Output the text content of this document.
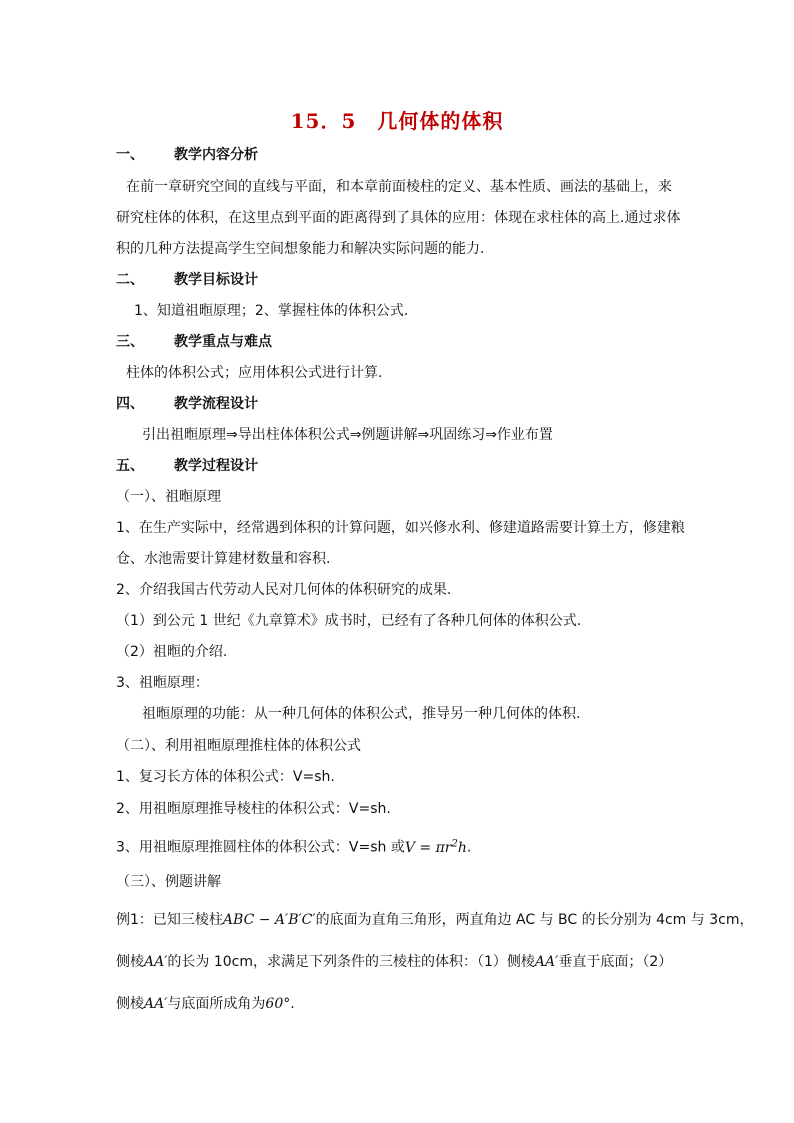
15．5　几何体的体积
一、 教学内容分析
在前一章研究空间的直线与平面，和本章前面棱柱的定义、基本性质、画法的基础上，来
研究柱体的体积，在这里点到平面的距离得到了具体的应用：体现在求柱体的高上.通过求体
积的几种方法提高学生空间想象能力和解决实际问题的能力.
二、 教学目标设计
1、知道祖暅原理；2、掌握柱体的体积公式.
三、 教学重点与难点
柱体的体积公式；应用体积公式进行计算.
四、 教学流程设计
引出祖暅原理⇒导出柱体体积公式⇒例题讲解⇒巩固练习⇒作业布置
五、 教学过程设计
（一）、祖暅原理
1、在生产实际中，经常遇到体积的计算问题，如兴修水利、修建道路需要计算土方，修建粮
仓、水池需要计算建材数量和容积.
2、介绍我国古代劳动人民对几何体的体积研究的成果.
（1）到公元 1 世纪《九章算术》成书时，已经有了各种几何体的体积公式.
（2）祖暅的介绍.
3、祖暅原理：
祖暅原理的功能：从一种几何体的体积公式，推导另一种几何体的体积.
（二）、利用祖暅原理推柱体的体积公式
1、复习长方体的体积公式：V=sh.
2、用祖暅原理推导棱柱的体积公式：V=sh.
3、用祖暅原理推圆柱体的体积公式：V=sh 或$V = \pi r^2h$.
（三）、例题讲解
例1：已知三棱柱ABC − A′B′C′的底面为直角三角形，两直角边 AC 与 BC 的长分别为 4cm 与 3cm，
侧棱AA′的长为 10cm，求满足下列条件的三棱柱的体积：（1）侧棱AA′垂直于底面；（2）
侧棱AA′与底面所成角为60°.
